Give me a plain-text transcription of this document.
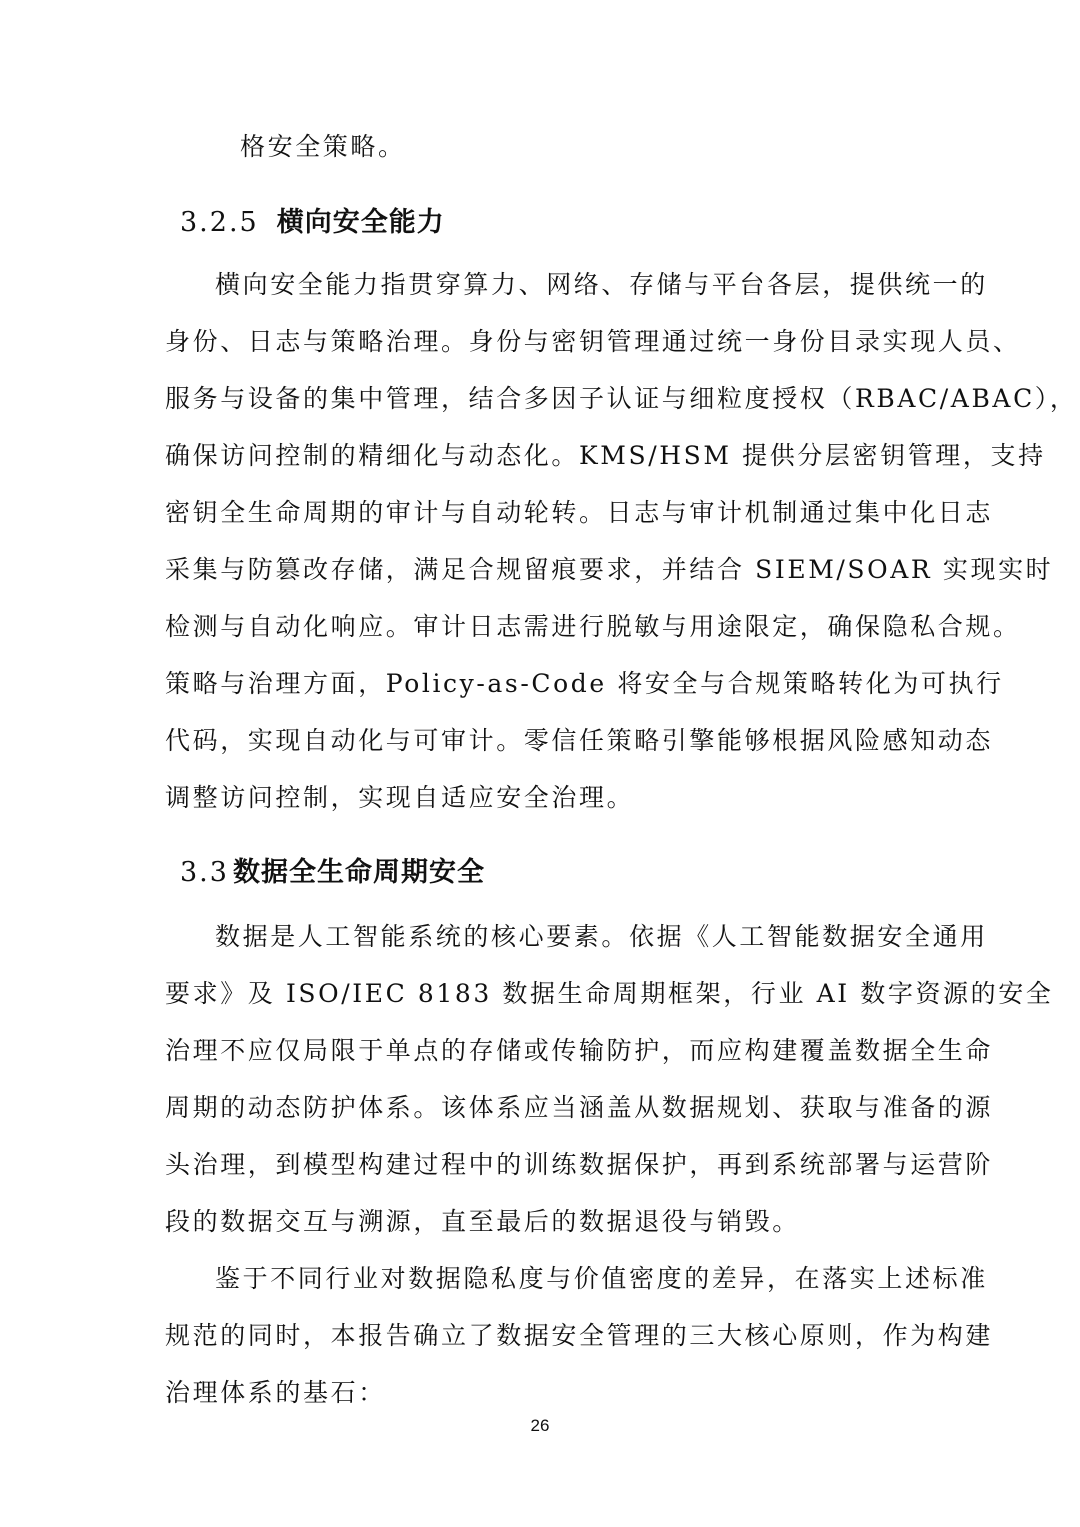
格安全策略。
3.2.5 横向安全能力
横向安全能力指贯穿算力、网络、存储与平台各层，提供统一的
身份、日志与策略治理。身份与密钥管理通过统一身份目录实现人员、
服务与设备的集中管理，结合多因子认证与细粒度授权（RBAC/ABAC），
确保访问控制的精细化与动态化。KMS/HSM 提供分层密钥管理，支持
密钥全生命周期的审计与自动轮转。日志与审计机制通过集中化日志
采集与防篡改存储，满足合规留痕要求，并结合 SIEM/SOAR 实现实时
检测与自动化响应。审计日志需进行脱敏与用途限定，确保隐私合规。
策略与治理方面，Policy-as-Code 将安全与合规策略转化为可执行
代码，实现自动化与可审计。零信任策略引擎能够根据风险感知动态
调整访问控制，实现自适应安全治理。
3.3 数据全生命周期安全
数据是人工智能系统的核心要素。依据《人工智能数据安全通用
要求》及 ISO/IEC 8183 数据生命周期框架，行业 AI 数字资源的安全
治理不应仅局限于单点的存储或传输防护，而应构建覆盖数据全生命
周期的动态防护体系。该体系应当涵盖从数据规划、获取与准备的源
头治理，到模型构建过程中的训练数据保护，再到系统部署与运营阶
段的数据交互与溯源，直至最后的数据退役与销毁。
鉴于不同行业对数据隐私度与价值密度的差异，在落实上述标准
规范的同时，本报告确立了数据安全管理的三大核心原则，作为构建
治理体系的基石：
26
